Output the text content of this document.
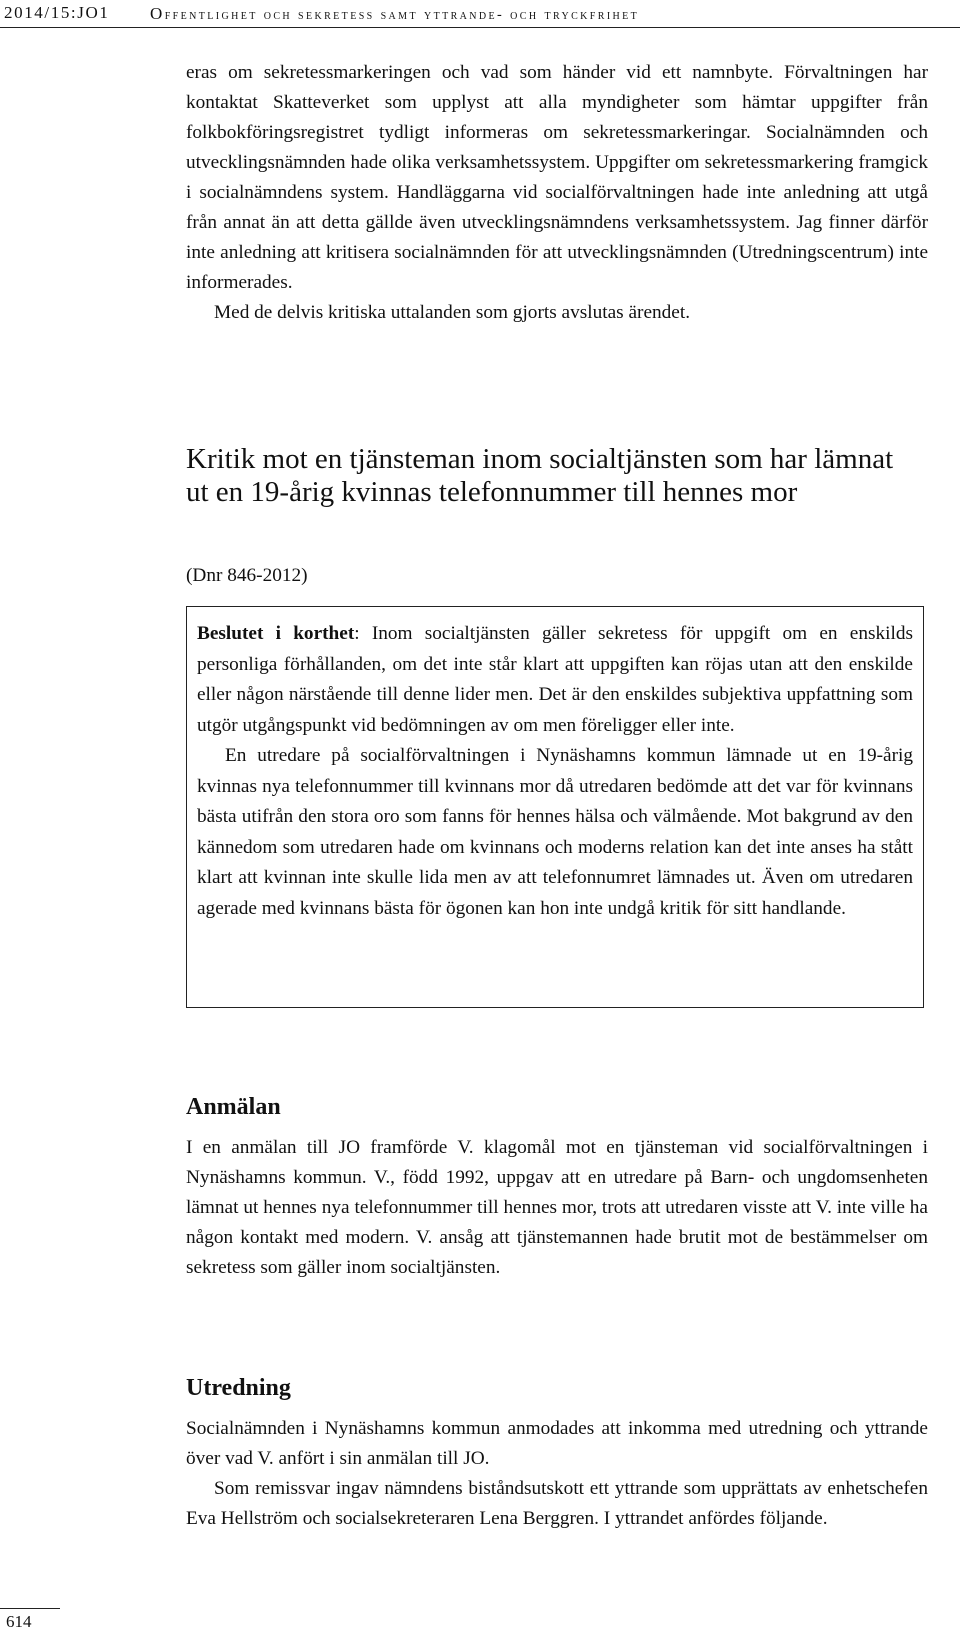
2014/15:JO1	offentlighet och sekretess samt yttrande- och tryckfrihet

eras om sekretessmarkeringen och vad som händer vid ett namnbyte. Förvaltningen har kontaktat Skatteverket som upplyst att alla myndigheter som hämtar uppgifter från folkbokföringsregistret tydligt informeras om sekretessmarkeringar. Socialnämnden och utvecklingsnämnden hade olika verksamhetssystem. Uppgifter om sekretessmarkering framgick i socialnämndens system. Handläggarna vid socialförvaltningen hade inte anledning att utgå från annat än att detta gällde även utvecklingsnämndens verksamhetssystem. Jag finner därför inte anledning att kritisera socialnämnden för att utvecklingsnämnden (Utredningscentrum) inte informerades.

Med de delvis kritiska uttalanden som gjorts avslutas ärendet.

Kritik mot en tjänsteman inom socialtjänsten som har lämnat ut en 19-årig kvinnas telefonnummer till hennes mor
(Dnr 846-2012)

Beslutet i korthet: Inom socialtjänsten gäller sekretess för uppgift om en enskilds personliga förhållanden, om det inte står klart att uppgiften kan röjas utan att den enskilde eller någon närstående till denne lider men. Det är den enskildes subjektiva uppfattning som utgör utgångspunkt vid bedömningen av om men föreligger eller inte.

En utredare på socialförvaltningen i Nynäshamns kommun lämnade ut en 19-årig kvinnas nya telefonnummer till kvinnans mor då utredaren bedömde att det var för kvinnans bästa utifrån den stora oro som fanns för hennes hälsa och välmående. Mot bakgrund av den kännedom som utredaren hade om kvinnans och moderns relation kan det inte anses ha stått klart att kvinnan inte skulle lida men av att telefonnumret lämnades ut. Även om utredaren agerade med kvinnans bästa för ögonen kan hon inte undgå kritik för sitt handlande.

Anmälan

I en anmälan till JO framförde V. klagomål mot en tjänsteman vid socialförvaltningen i Nynäshamns kommun. V., född 1992, uppgav att en utredare på Barn- och ungdomsenheten lämnat ut hennes nya telefonnummer till hennes mor, trots att utredaren visste att V. inte ville ha någon kontakt med modern. V. ansåg att tjänstemannen hade brutit mot de bestämmelser om sekretess som gäller inom socialtjänsten.

Utredning

Socialnämnden i Nynäshamns kommun anmodades att inkomma med utredning och yttrande över vad V. anfört i sin anmälan till JO.

Som remissvar ingav nämndens biståndsutskott ett yttrande som upprättats av enhetschefen Eva Hellström och socialsekreteraren Lena Berggren. I yttrandet anfördes följande.

614
